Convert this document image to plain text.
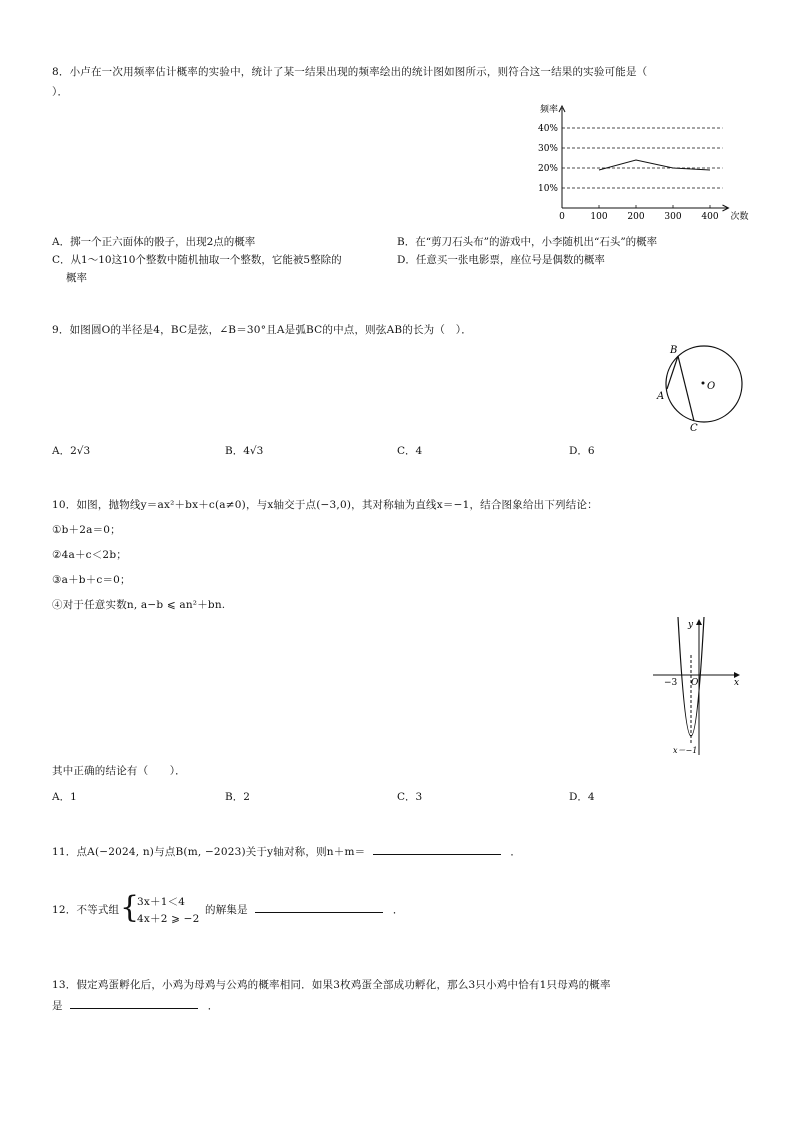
8．小卢在一次用频率估计概率的实验中，统计了某一结果出现的频率绘出的统计图如图所示，则符合这一结果的实验可能是（
）．
10%
20%
30%
40%
0	100 200 300 400
频率
次数
A．掷一个正六面体的骰子，出现2点的概率	B．在“剪刀石头布”的游戏中，小李随机出“石头”的概率
C．从1～10这10个整数中随机抽取一个整数，它能被5整除的
概率
D．任意买一张电影票，座位号是偶数的概率
9．如图圆O的半径是4，BC是弦，∠B＝30°且A是弧BC的中点，则弦AB的长为（　）．
B
A
C
O
A．2√3	B．4√3	C．4	D．6
10．如图，抛物线y＝ax²＋bx＋c(a≠0)，与x轴交于点(−3,0)，其对称轴为直线x＝−1，结合图象给出下列结论：
①b＋2a＝0；
②4a＋c＜2b；
③a＋b＋c＝0；
④对于任意实数n, a−b ⩽ an²＋bn.
y
x
−3 O
x＝−1
其中正确的结论有（　　）．
A．1	B．2	C．3	D．4
11．点A(−2024, n)与点B(m, −2023)关于y轴对称，则n＋m＝	．
12．不等式组 {
3x＋1＜4
4x＋2 ⩾ −2
的解集是	．
13．假定鸡蛋孵化后，小鸡为母鸡与公鸡的概率相同．如果3枚鸡蛋全部成功孵化，那么3只小鸡中恰有1只母鸡的概率
是	．
